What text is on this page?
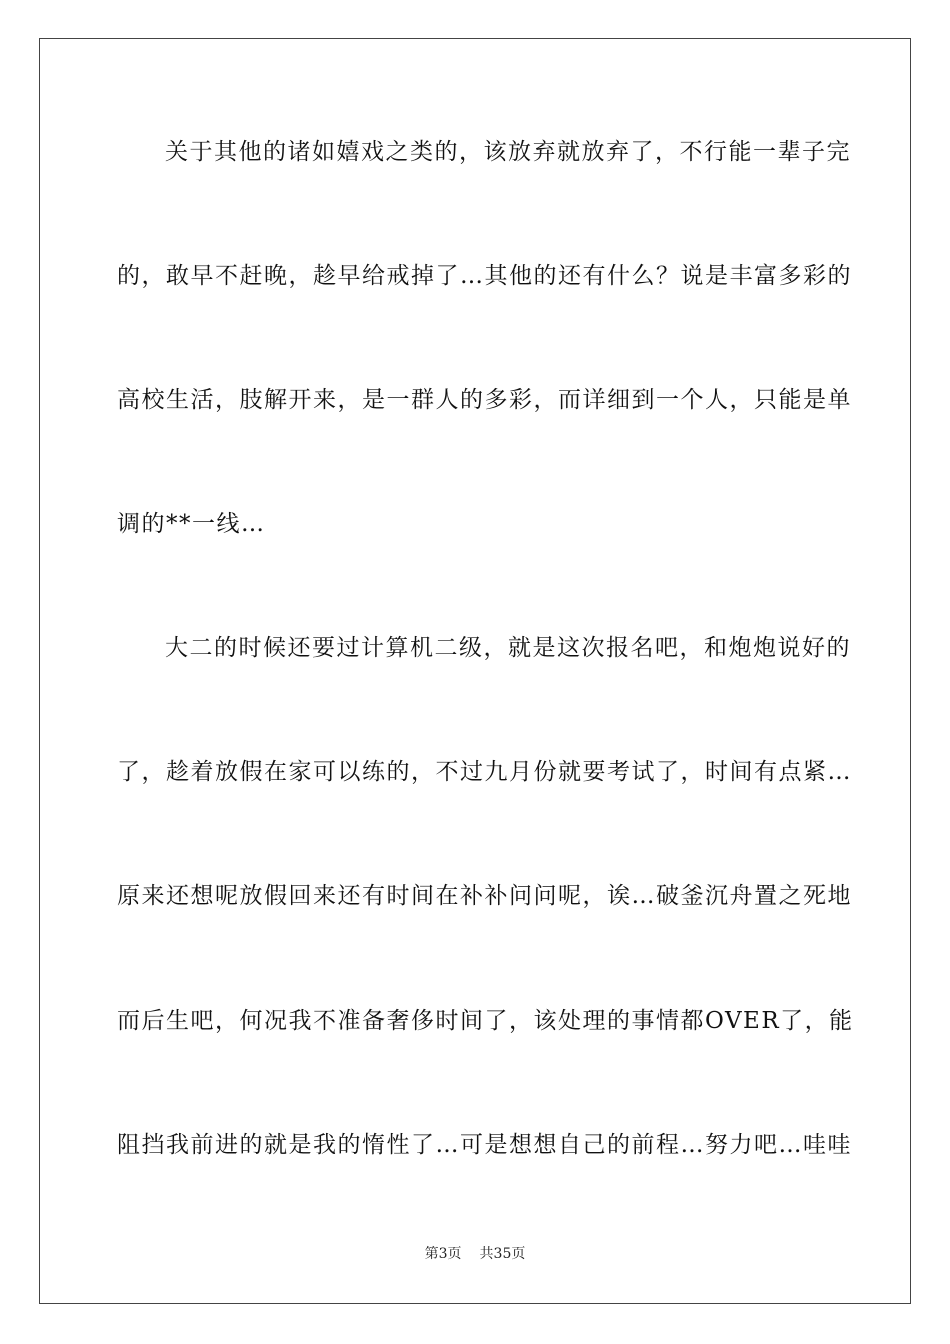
关于其他的诸如嬉戏之类的，该放弃就放弃了，不行能一辈子完
的，敢早不赶晚，趁早给戒掉了…其他的还有什么？说是丰富多彩的
高校生活，肢解开来，是一群人的多彩，而详细到一个人，只能是单
调的**一线…
大二的时候还要过计算机二级，就是这次报名吧，和炮炮说好的
了，趁着放假在家可以练的，不过九月份就要考试了，时间有点紧…
原来还想呢放假回来还有时间在补补问问呢，诶…破釜沉舟置之死地
而后生吧，何况我不准备奢侈时间了，该处理的事情都OVER了，能
阻挡我前进的就是我的惰性了…可是想想自己的前程…努力吧…哇哇
第3页 共35页
